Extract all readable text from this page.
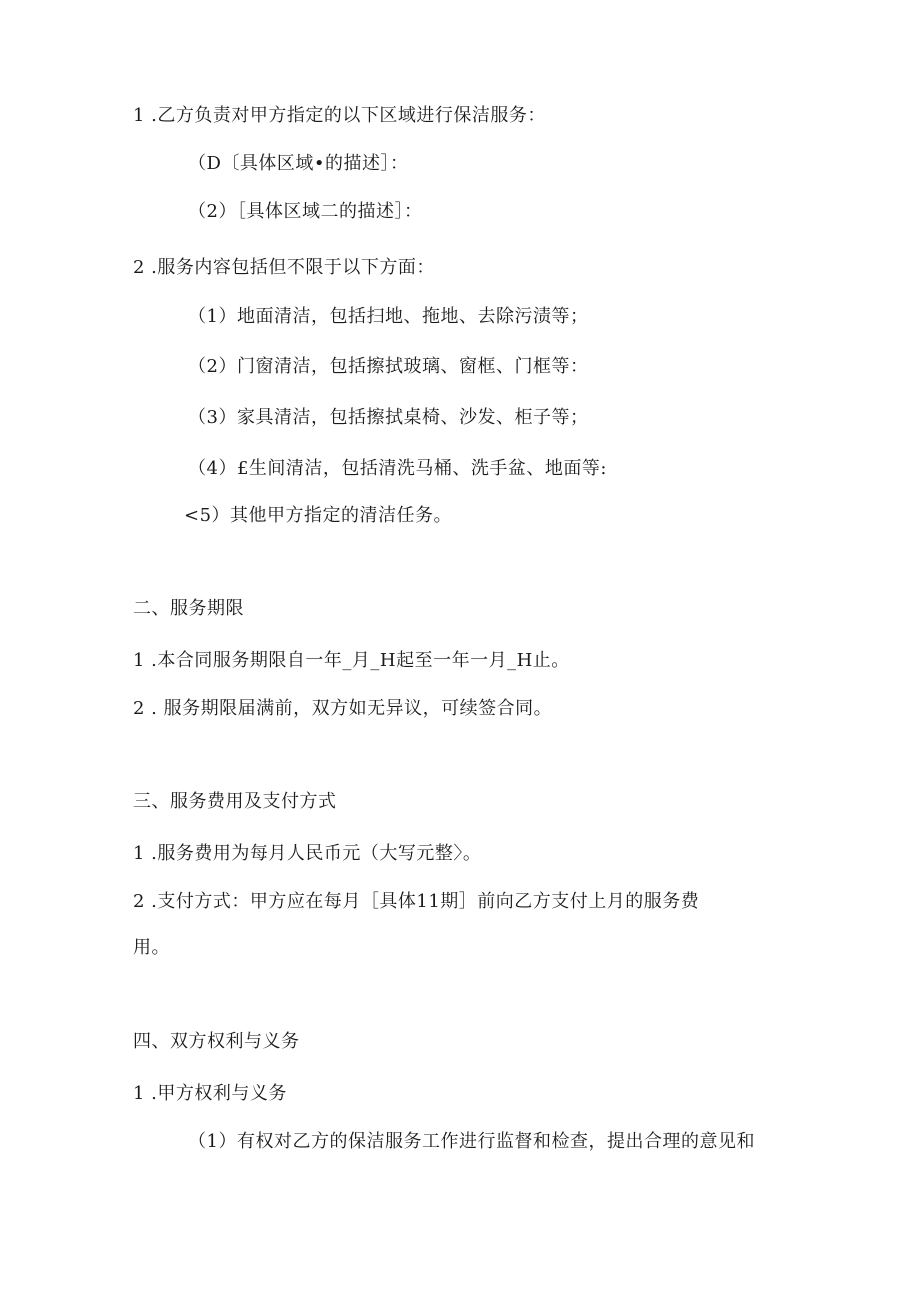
1 .乙方负责对甲方指定的以下区域进行保洁服务：
（D〔具体区域•的描述］：
（2）［具体区域二的描述］：
2 .服务内容包括但不限于以下方面：
（1）地面清洁，包括扫地、拖地、去除污渍等；
（2）门窗清洁，包括擦拭玻璃、窗框、门框等：
（3）家具清洁，包括擦拭桌椅、沙发、柜子等；
（4）£生间清洁，包括清洗马桶、洗手盆、地面等:
<5）其他甲方指定的清洁任务。
二、服务期限
1 .本合同服务期限自一年_月_H起至一年一月_H止。
2 . 服务期限届满前，双方如无异议，可续签合同。
三、服务费用及支付方式
1 .服务费用为每月人民币元（大写元整〉。
2 .支付方式：甲方应在每月［具体11期］前向乙方支付上月的服务费
用。
四、双方权利与义务
1 .甲方权利与义务
（1）有权对乙方的保洁服务工作进行监督和检查，提出合理的意见和
